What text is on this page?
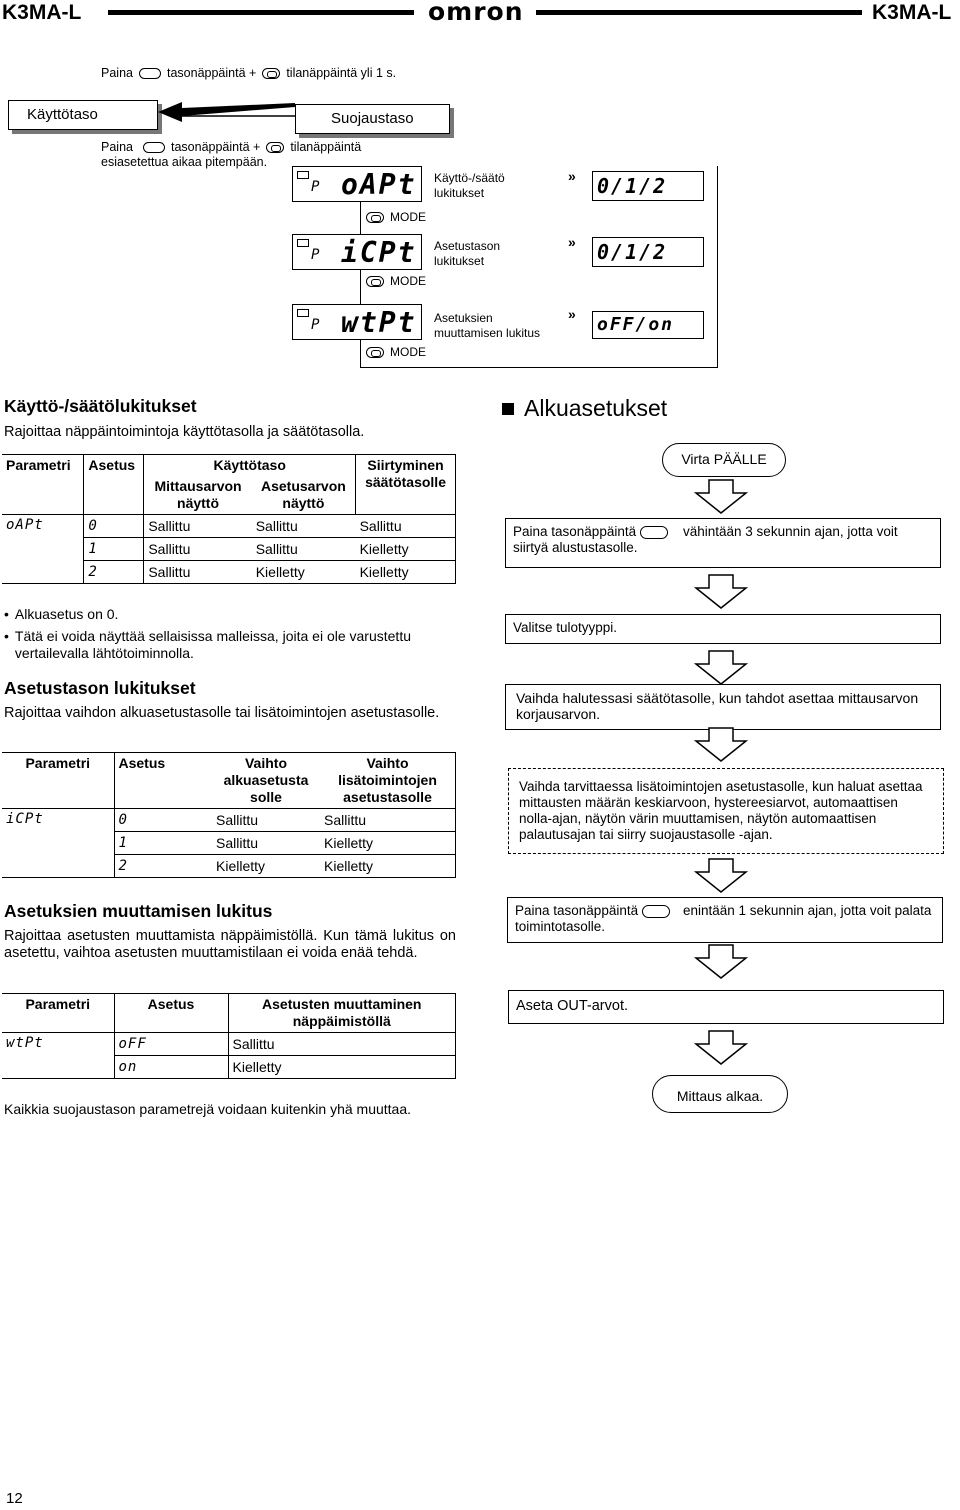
K3MA-L	omron	K3MA-L
Paina	tasonäppäintä + tilanäppäintä yli 1 s.
Käyttötaso	Suojaustaso
Paina	tasonäppäintä + tilanäppäintä
esiasetettua aikaa pitempään.
P oAPt Käyttö-/säätö
lukitukset
» 0/1/2
MODE
P iCPt Asetustason
lukitukset
» 0/1/2
MODE
P wtPt Asetuksien
muuttamisen lukitus
» oFF/on
MODE
Käyttö-/säätölukitukset
Rajoittaa näppäintoimintoja käyttötasolla ja säätötasolla.
Parametri	Asetus	Käyttötaso		Siirtyminen säätötasolle
		Mittausarvon näyttö	Asetusarvon näyttö	
oAPt	0	Sallittu	Sallittu	Sallittu
	1	Sallittu	Sallittu	Kielletty
	2	Sallittu	Kielletty	Kielletty
• Alkuasetus on 0.
• Tätä ei voida näyttää sellaisissa malleissa, joita ei ole varustettu vertailevalla lähtötoiminnolla.
Asetustason lukitukset
Rajoittaa vaihdon alkuasetustasolle tai lisätoimintojen asetustasolle.
Parametri	Asetus	Vaihto alkuasetusta solle	Vaihto lisätoimintojen asetustasolle
iCPt	0	Sallittu	Sallittu
	1	Sallittu	Kielletty
	2	Kielletty	Kielletty
Asetuksien muuttamisen lukitus
Rajoittaa asetusten muuttamista näppäimistöllä. Kun tämä lukitus on asetettu, vaihtoa asetusten muuttamistilaan ei voida enää tehdä.
Parametri	Asetus	Asetusten muuttaminen näppäimistöllä
wtPt	oFF	Sallittu
	on	Kielletty
Kaikkia suojaustason parametrejä voidaan kuitenkin yhä muuttaa.
Alkuasetukset
Virta PÄÄLLE
Paina tasonäppäintä	vähintään 3 sekunnin ajan, jotta voit siirtyä alustustasolle.
Valitse tulotyyppi.
Vaihda halutessasi säätötasolle, kun tahdot asettaa mittausarvon korjausarvon.
Vaihda tarvittaessa lisätoimintojen asetustasolle, kun haluat asettaa mittausten määrän keskiarvoon, hystereesiarvot, automaattisen nolla-ajan, näytön värin muuttamisen, näytön automaattisen palautusajan tai siirry suojaustasolle -ajan.
Paina tasonäppäintä	enintään 1 sekunnin ajan, jotta voit palata toimintotasolle.
Aseta OUT-arvot.
Mittaus alkaa.
12
